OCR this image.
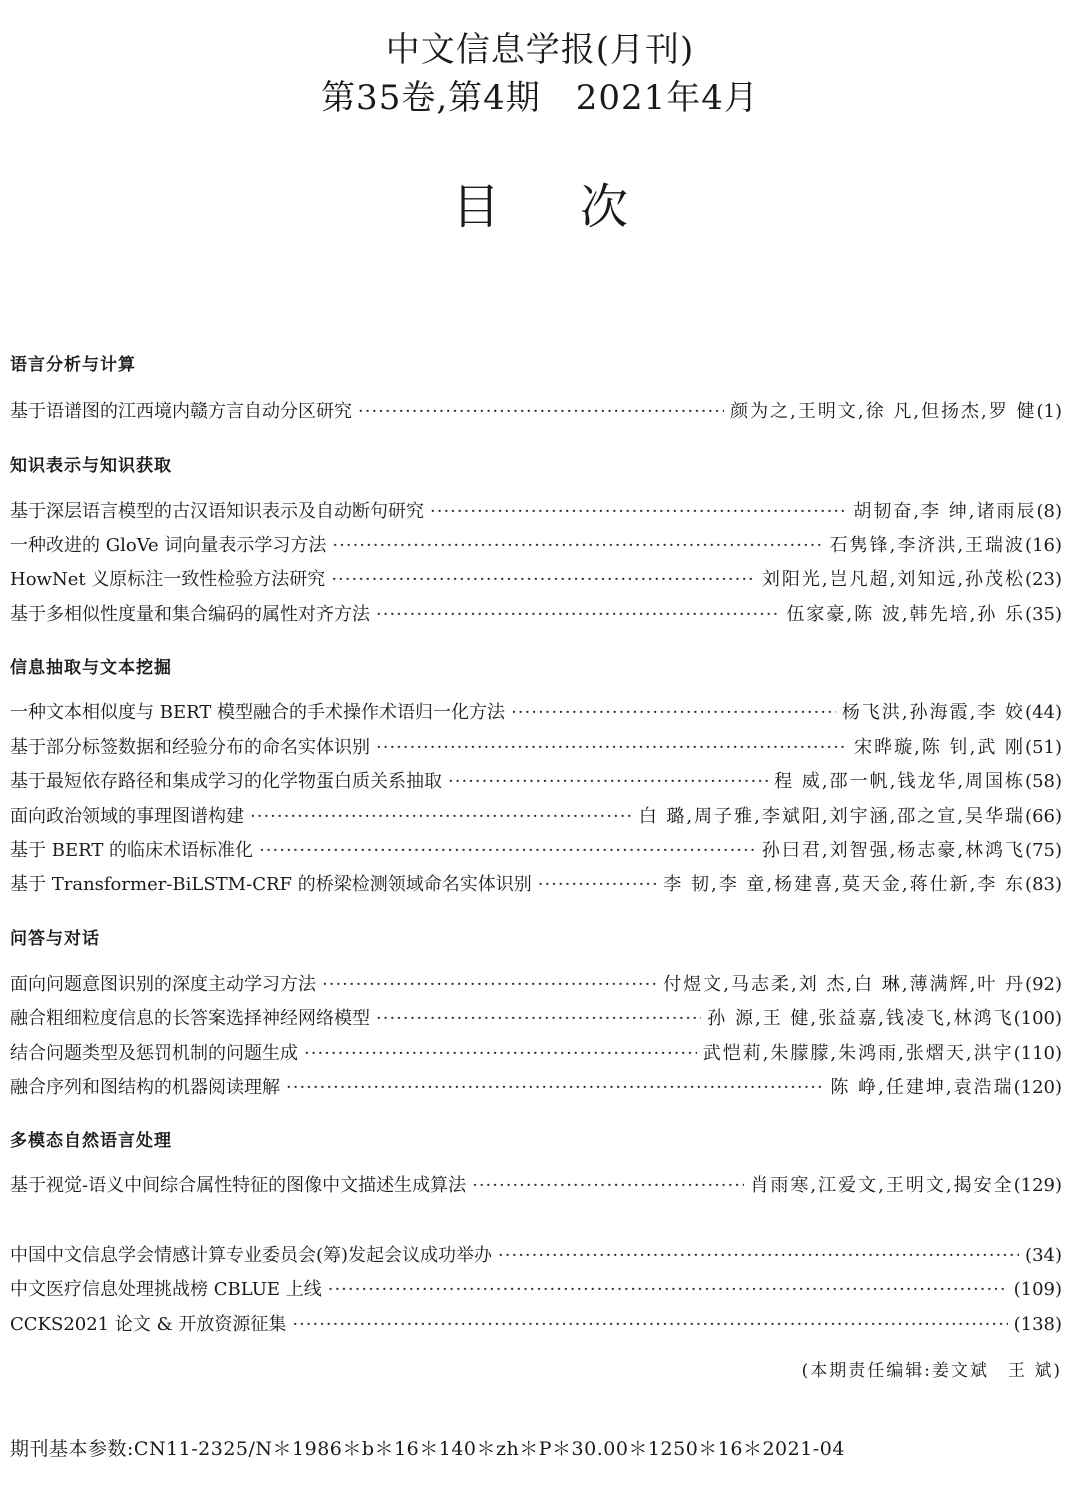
中文信息学报(月刊)
第35卷,第4期　2021年4月
目次
语言分析与计算
基于语谱图的江西境内赣方言自动分区研究 ·····	颜为之,王明文,徐 凡,但扬杰,罗 健 (1)
知识表示与知识获取
基于深层语言模型的古汉语知识表示及自动断句研究 ·····	胡韧奋,李 绅,诸雨辰 (8)
一种改进的 GloVe 词向量表示学习方法 ·····	石隽锋,李济洪,王瑞波 (16)
HowNet 义原标注一致性检验方法研究 ·····	刘阳光,岂凡超,刘知远,孙茂松 (23)
基于多相似性度量和集合编码的属性对齐方法 ·····	伍家豪,陈 波,韩先培,孙 乐 (35)
信息抽取与文本挖掘
一种文本相似度与 BERT 模型融合的手术操作术语归一化方法 ·····	杨飞洪,孙海霞,李 姣 (44)
基于部分标签数据和经验分布的命名实体识别 ·····	宋晔璇,陈 钊,武 刚 (51)
基于最短依存路径和集成学习的化学物蛋白质关系抽取 ·····	程 威,邵一帆,钱龙华,周国栋 (58)
面向政治领域的事理图谱构建 ·····	白 璐,周子雅,李斌阳,刘宇涵,邵之宣,吴华瑞 (66)
基于 BERT 的临床术语标准化 ·····	孙曰君,刘智强,杨志豪,林鸿飞 (75)
基于 Transformer-BiLSTM-CRF 的桥梁检测领域命名实体识别 ·····	李 韧,李 童,杨建喜,莫天金,蒋仕新,李 东 (83)
问答与对话
面向问题意图识别的深度主动学习方法 ·····	付煜文,马志柔,刘 杰,白 琳,薄满辉,叶 丹 (92)
融合粗细粒度信息的长答案选择神经网络模型 ·····	孙 源,王 健,张益嘉,钱凌飞,林鸿飞 (100)
结合问题类型及惩罚机制的问题生成 ·····	武恺莉,朱朦朦,朱鸿雨,张熠天,洪宇 (110)
融合序列和图结构的机器阅读理解 ·····	陈 峥,任建坤,袁浩瑞 (120)
多模态自然语言处理
基于视觉-语义中间综合属性特征的图像中文描述生成算法 ·····	肖雨寒,江爱文,王明文,揭安全 (129)
中国中文信息学会情感计算专业委员会(筹)发起会议成功举办 ·····	(34)
中文医疗信息处理挑战榜 CBLUE 上线 ·····	(109)
CCKS2021 论文 & 开放资源征集 ·····	(138)
(本期责任编辑:姜文斌　王 斌)
期刊基本参数:CN11-2325/N＊1986＊b＊16＊140＊zh＊P＊30.00＊1250＊16＊2021-04
